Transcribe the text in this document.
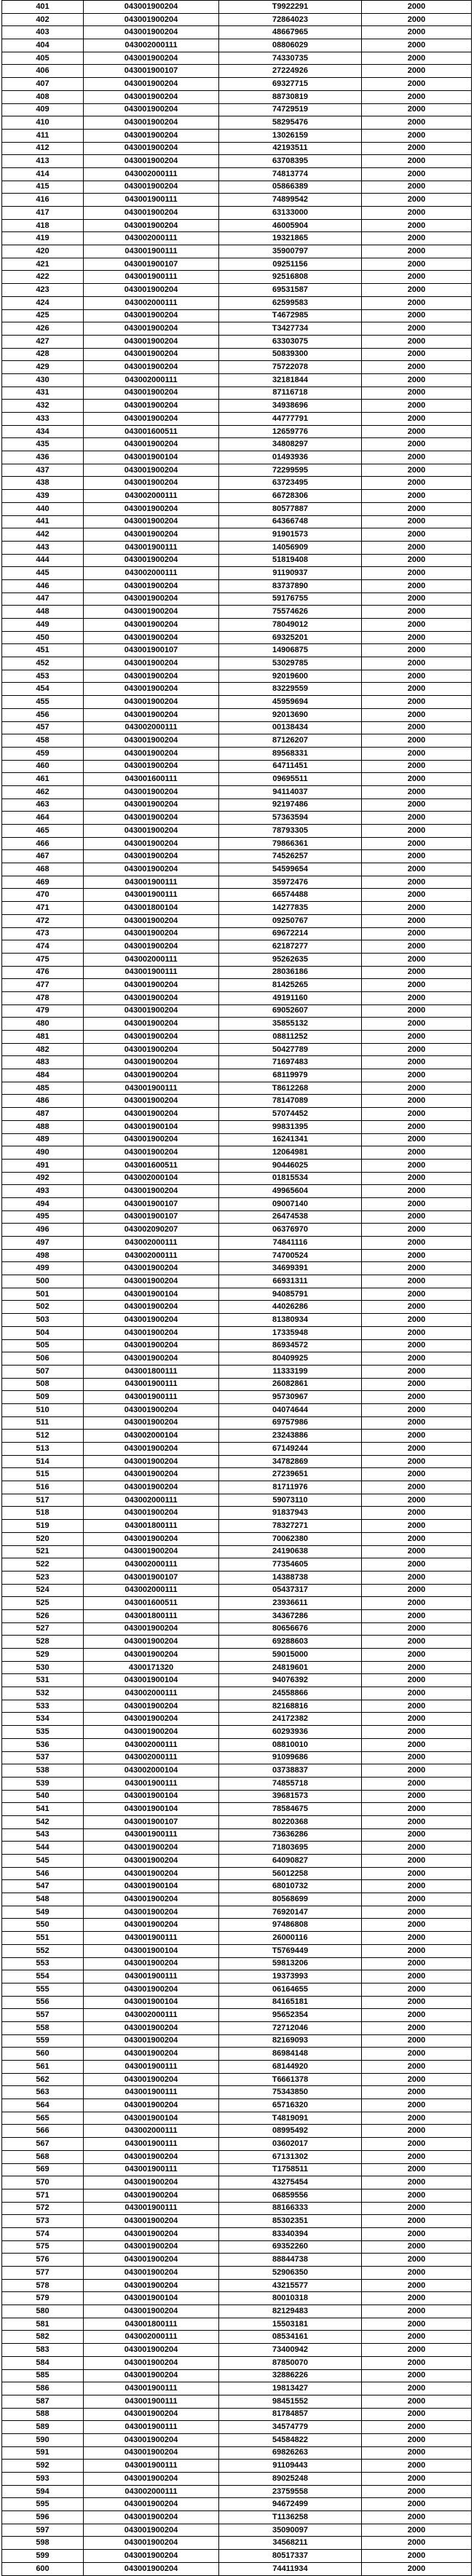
401	043001900204	T9922291	2000
402	043001900204	72864023	2000
403	043001900204	48667965	2000
404	043002000111	08806029	2000
405	043001900204	74330735	2000
406	043001900107	27224926	2000
407	043001900204	69327715	2000
408	043001900204	88730819	2000
409	043001900204	74729519	2000
410	043001900204	58295476	2000
411	043001900204	13026159	2000
412	043001900204	42193511	2000
413	043001900204	63708395	2000
414	043002000111	74813774	2000
415	043001900204	05866389	2000
416	043001900111	74899542	2000
417	043001900204	63133000	2000
418	043001900204	46005904	2000
419	043002000111	19321865	2000
420	043001900111	35900797	2000
421	043001900107	09251156	2000
422	043001900111	92516808	2000
423	043001900204	69531587	2000
424	043002000111	62599583	2000
425	043001900204	T4672985	2000
426	043001900204	T3427734	2000
427	043001900204	63303075	2000
428	043001900204	50839300	2000
429	043001900204	75722078	2000
430	043002000111	32181844	2000
431	043001900204	87116718	2000
432	043001900204	34938696	2000
433	043001900204	44777791	2000
434	043001600511	12659776	2000
435	043001900204	34808297	2000
436	043001900104	01493936	2000
437	043001900204	72299595	2000
438	043001900204	63723495	2000
439	043002000111	66728306	2000
440	043001900204	80577887	2000
441	043001900204	64366748	2000
442	043001900204	91901573	2000
443	043001900111	14056909	2000
444	043001900204	51819408	2000
445	043002000111	91190937	2000
446	043001900204	83737890	2000
447	043001900204	59176755	2000
448	043001900204	75574626	2000
449	043001900204	78049012	2000
450	043001900204	69325201	2000
451	043001900107	14906875	2000
452	043001900204	53029785	2000
453	043001900204	92019600	2000
454	043001900204	83229559	2000
455	043001900204	45959694	2000
456	043001900204	92013690	2000
457	043002000111	00138434	2000
458	043001900204	87126207	2000
459	043001900204	89568331	2000
460	043001900204	64711451	2000
461	043001600111	09695511	2000
462	043001900204	94114037	2000
463	043001900204	92197486	2000
464	043001900204	57363594	2000
465	043001900204	78793305	2000
466	043001900204	79866361	2000
467	043001900204	74526257	2000
468	043001900204	54599654	2000
469	043001900111	35972476	2000
470	043001900111	66574488	2000
471	043001800104	14277835	2000
472	043001900204	09250767	2000
473	043001900204	69672214	2000
474	043001900204	62187277	2000
475	043002000111	95262635	2000
476	043001900111	28036186	2000
477	043001900204	81425265	2000
478	043001900204	49191160	2000
479	043001900204	69052607	2000
480	043001900204	35855132	2000
481	043001900204	08811252	2000
482	043001900204	50427789	2000
483	043001900204	71697483	2000
484	043001900204	68119979	2000
485	043001900111	T8612268	2000
486	043001900204	78147089	2000
487	043001900204	57074452	2000
488	043001900104	99831395	2000
489	043001900204	16241341	2000
490	043001900204	12064981	2000
491	043001600511	90446025	2000
492	043002000104	01815534	2000
493	043001900204	49965604	2000
494	043001900107	09007140	2000
495	043001900107	26474538	2000
496	043002090207	06376970	2000
497	043002000111	74841116	2000
498	043002000111	74700524	2000
499	043001900204	34699391	2000
500	043001900204	66931311	2000
501	043001900104	94085791	2000
502	043001900204	44026286	2000
503	043001900204	81380934	2000
504	043001900204	17335948	2000
505	043001900204	86934572	2000
506	043001900204	80409925	2000
507	043001800111	11333199	2000
508	043001900111	26082861	2000
509	043001900111	95730967	2000
510	043001900204	04074644	2000
511	043001900204	69757986	2000
512	043002000104	23243886	2000
513	043001900204	67149244	2000
514	043001900204	34782869	2000
515	043001900204	27239651	2000
516	043001900204	81711976	2000
517	043002000111	59073110	2000
518	043001900204	91837943	2000
519	043001800111	78327271	2000
520	043001900204	70062380	2000
521	043001900204	24190638	2000
522	043002000111	77354605	2000
523	043001900107	14388738	2000
524	043002000111	05437317	2000
525	043001600511	23936611	2000
526	043001800111	34367286	2000
527	043001900204	80656676	2000
528	043001900204	69288603	2000
529	043001900204	59015000	2000
530	4300171320	24819601	2000
531	043001900104	94076392	2000
532	043002000111	24558866	2000
533	043001900204	82168816	2000
534	043001900204	24172382	2000
535	043001900204	60293936	2000
536	043002000111	08810010	2000
537	043002000111	91099686	2000
538	043002000104	03738837	2000
539	043001900111	74855718	2000
540	043001900104	39681573	2000
541	043001900104	78584675	2000
542	043001900107	80220368	2000
543	043001900111	73636286	2000
544	043001900204	71803695	2000
545	043001900204	64090827	2000
546	043001900204	56012258	2000
547	043001900104	68010732	2000
548	043001900204	80568699	2000
549	043001900204	76920147	2000
550	043001900204	97486808	2000
551	043001900111	26000116	2000
552	043001900104	T5769449	2000
553	043001900204	59813206	2000
554	043001900111	19373993	2000
555	043001900204	06164655	2000
556	043001900104	84165181	2000
557	043002000111	95652354	2000
558	043001900204	72712046	2000
559	043001900204	82169093	2000
560	043001900204	86984148	2000
561	043001900111	68144920	2000
562	043001900204	T6661378	2000
563	043001900111	75343850	2000
564	043001900204	65716320	2000
565	043001900104	T4819091	2000
566	043002000111	08995492	2000
567	043001900111	03602017	2000
568	043001900204	67131302	2000
569	043001900111	T1758511	2000
570	043001900204	43275454	2000
571	043001900204	06859556	2000
572	043001900111	88166333	2000
573	043001900204	85302351	2000
574	043001900204	83340394	2000
575	043001900204	69352260	2000
576	043001900204	88844738	2000
577	043001900204	52906350	2000
578	043001900204	43215577	2000
579	043001900104	80010318	2000
580	043001900204	82129483	2000
581	043001800111	15503181	2000
582	043002000111	08534161	2000
583	043001900204	73400942	2000
584	043001900204	87850070	2000
585	043001900204	32886226	2000
586	043001900111	19813427	2000
587	043001900111	98451552	2000
588	043001900204	81784857	2000
589	043001900111	34574779	2000
590	043001900204	54584822	2000
591	043001900204	69826263	2000
592	043001900111	91109443	2000
593	043001900204	89025248	2000
594	043002000111	23759558	2000
595	043001900204	94672499	2000
596	043001900204	T1136258	2000
597	043001900204	35090097	2000
598	043001900204	34568211	2000
599	043001900204	80517337	2000
600	043001900204	74411934	2000
